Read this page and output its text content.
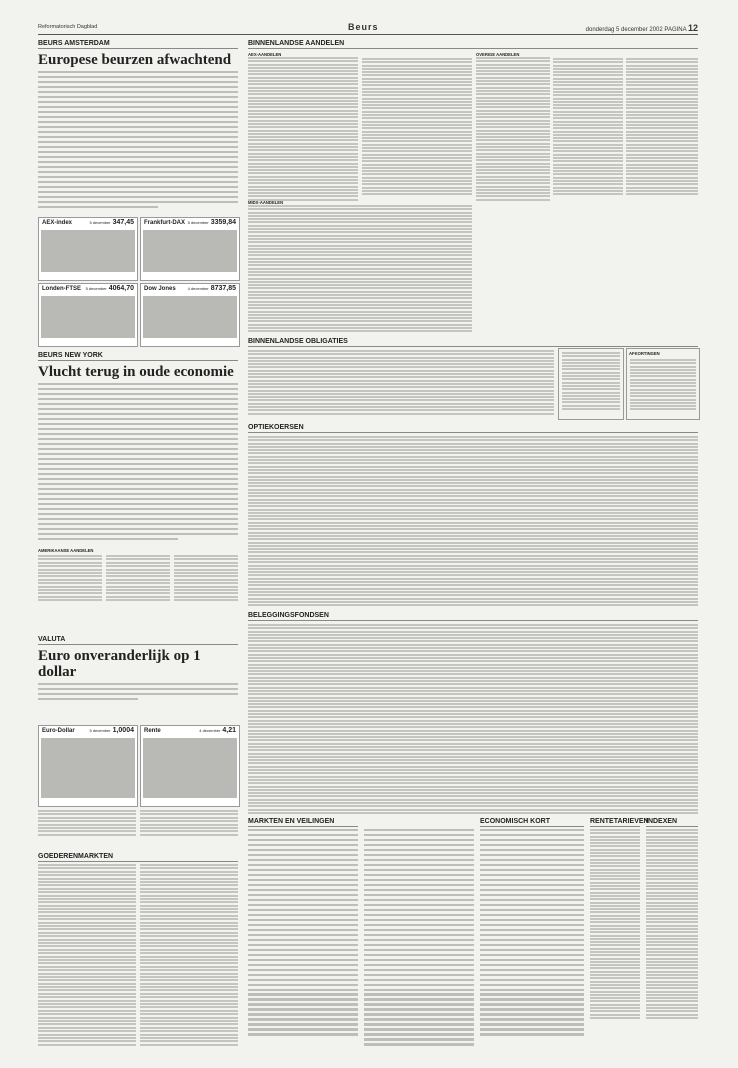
Reformatorisch Dagblad	Beurs	donderdag 5 december 2002 PAGINA 12
BEURS AMSTERDAM
Europese beurzen afwachtend
AEX-index	5 december 347,45 Frankfurt-DAX 5 december 3359,84
Londen-FTSE 5 december 4064,70 Dow Jones	4 december 8737,85
BEURS NEW YORK
Vlucht terug in oude economie
AMERIKAANSE AANDELEN
VALUTA
Euro onveranderlijk op 1 dollar
Euro-Dollar	5 december 1,0004 Rente	4 december 4,21
GOEDERENMARKTEN
BINNENLANDSE AANDELEN
AEX-AANDELEN	OVERIGE AANDELEN
MIDX-AANDELEN
BINNENLANDSE OBLIGATIES
AFKORTINGEN
OPTIEKOERSEN
BELEGGINGSFONDSEN
MARKTEN EN VEILINGEN	ECONOMISCH KORT	RENTETARIEVEN
INDEXEN
